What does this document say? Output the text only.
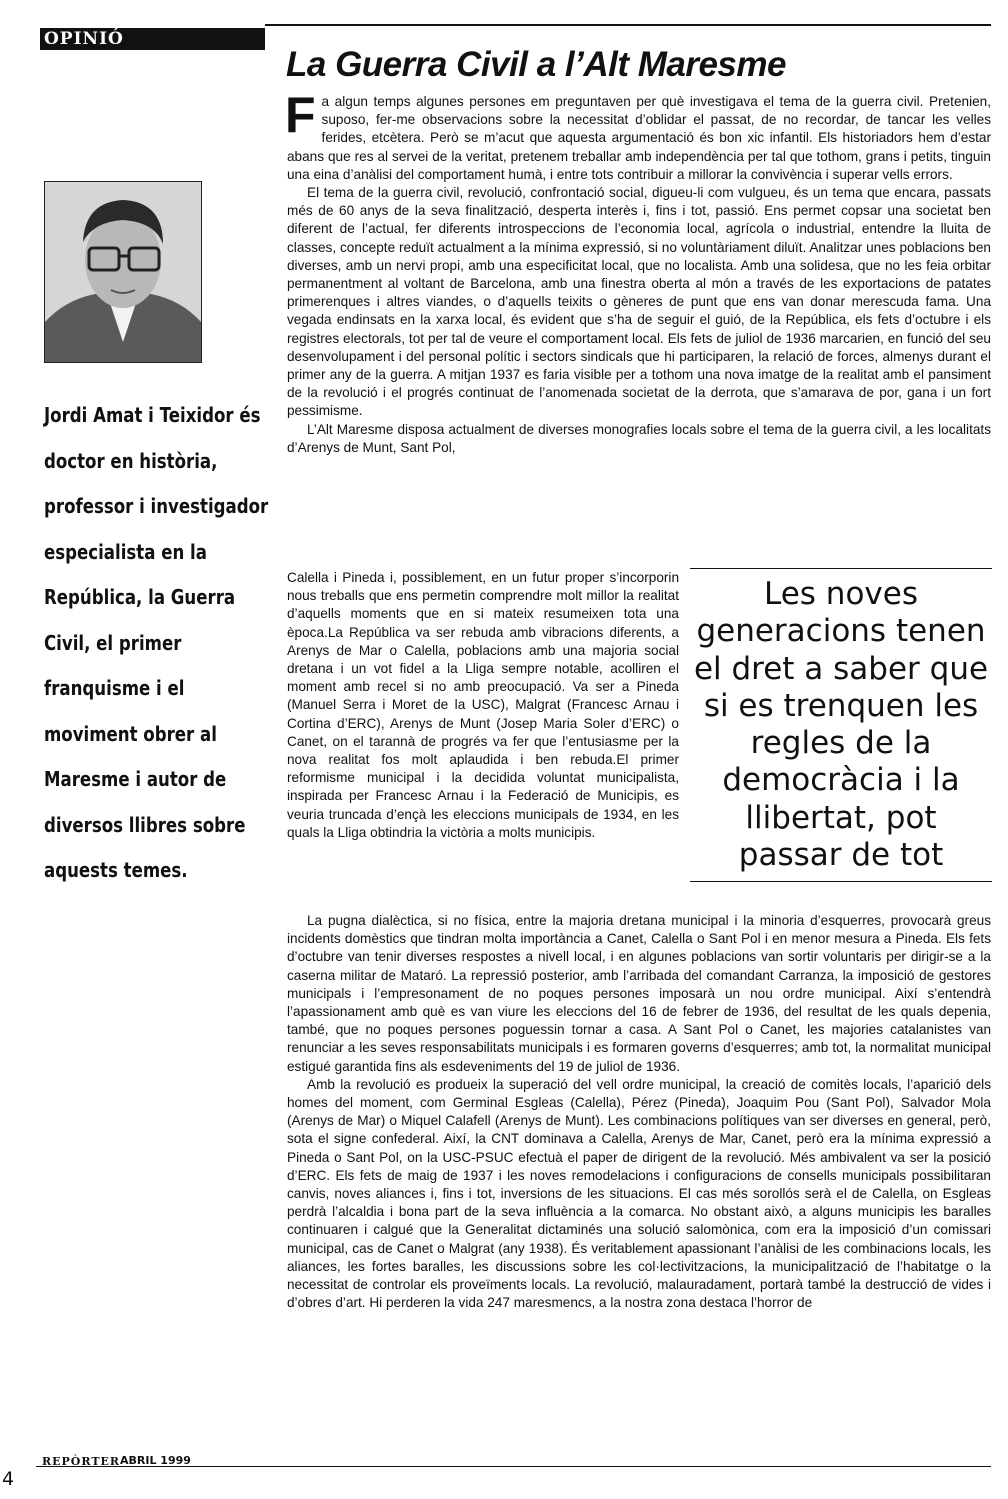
OPINIÓ
La Guerra Civil a l’Alt Maresme
Jordi Amat i Teixidor és doctor en història, professor i investigador especialista en la República, la Guerra Civil, el primer franquisme i el moviment obrer al Maresme i autor de diversos llibres sobre aquests temes.

Fa algun temps algunes persones em preguntaven per què investigava el tema de la guerra civil. Pretenien, suposo, fer-me observacions sobre la necessitat d’oblidar el passat, de no recordar, de tancar les velles ferides, etcètera. Però se m’acut que aquesta argumentació és bon xic infantil. Els historiadors hem d’estar abans que res al servei de la veritat, pretenem treballar amb independència per tal que tothom, grans i petits, tinguin una eina d’anàlisi del comportament humà, i entre tots contribuir a millorar la convivència i superar vells errors.

El tema de la guerra civil, revolució, confrontació social, digueu-li com vulgueu, és un tema que encara, passats més de 60 anys de la seva finalització, desperta interès i, fins i tot, passió. Ens permet copsar una societat ben diferent de l’actual, fer diferents introspeccions de l’economia local, agrícola o industrial, entendre la lluita de classes, concepte reduït actualment a la mínima expressió, si no voluntàriament diluït. Analitzar unes poblacions ben diverses, amb un nervi propi, amb una especificitat local, que no localista. Amb una solidesa, que no les feia orbitar permanentment al voltant de Barcelona, amb una finestra oberta al món a través de les exportacions de patates primerenques i altres viandes, o d’aquells teixits o gèneres de punt que ens van donar merescuda fama. Una vegada endinsats en la xarxa local, és evident que s’ha de seguir el guió, de la República, els fets d’octubre i els registres electorals, tot per tal de veure el comportament local. Els fets de juliol de 1936 marcarien, en funció del seu desenvolupament i del personal polític i sectors sindicals que hi participaren, la relació de forces, almenys durant el primer any de la guerra. A mitjan 1937 es faria visible per a tothom una nova imatge de la realitat amb el pansiment de la revolució i el progrés continuat de l’anomenada societat de la derrota, que s’amarava de por, gana i un fort pessimisme.

L’Alt Maresme disposa actualment de diverses monografies locals sobre el tema de la guerra civil, a les localitats d’Arenys de Munt, Sant Pol,

Calella i Pineda i, possiblement, en un futur proper s’incorporin nous treballs que ens permetin comprendre molt millor la realitat d’aquells moments que en si mateix resumeixen tota una època.La República va ser rebuda amb vibracions diferents, a Arenys de Mar o Calella, poblacions amb una majoria social dretana i un vot fidel a la Lliga sempre notable, acolliren el moment amb recel si no amb preocupació. Va ser a Pineda (Manuel Serra i Moret de la USC), Malgrat (Francesc Arnau i Cortina d’ERC), Arenys de Munt (Josep Maria Soler d’ERC) o Canet, on el tarannà de progrés va fer que l’entusiasme per la nova realitat fos molt aplaudida i ben rebuda.El primer reformisme municipal i la decidida voluntat municipalista, inspirada per Francesc Arnau i la Federació de Municipis, es veuria truncada d’ençà les eleccions municipals de 1934, en les quals la Lliga obtindria la victòria a molts municipis.

Les noves generacions tenen el dret a saber que si es trenquen les regles de la democràcia i la llibertat, pot passar de tot

La pugna dialèctica, si no física, entre la majoria dretana municipal i la minoria d’esquerres, provocarà greus incidents domèstics que tindran molta importància a Canet, Calella o Sant Pol i en menor mesura a Pineda. Els fets d’octubre van tenir diverses respostes a nivell local, i en algunes poblacions van sortir voluntaris per dirigir-se a la caserna militar de Mataró. La repressió posterior, amb l’arribada del comandant Carranza, la imposició de gestores municipals i l’empresonament de no poques persones imposarà un nou ordre municipal. Així s’entendrà l’apassionament amb què es van viure les eleccions del 16 de febrer de 1936, del resultat de les quals depenia, també, que no poques persones poguessin tornar a casa. A Sant Pol o Canet, les majories catalanistes van renunciar a les seves responsabilitats municipals i es formaren governs d’esquerres; amb tot, la normalitat municipal estigué garantida fins als esdeveniments del 19 de juliol de 1936.

Amb la revolució es produeix la superació del vell ordre municipal, la creació de comitès locals, l’aparició dels homes del moment, com Germinal Esgleas (Calella), Pérez (Pineda), Joaquim Pou (Sant Pol), Salvador Mola (Arenys de Mar) o Miquel Calafell (Arenys de Munt). Les combinacions polítiques van ser diverses en general, però, sota el signe confederal. Així, la CNT dominava a Calella, Arenys de Mar, Canet, però era la mínima expressió a Pineda o Sant Pol, on la USC-PSUC efectuà el paper de dirigent de la revolució. Més ambivalent va ser la posició d’ERC. Els fets de maig de 1937 i les noves remodelacions i configuracions de consells municipals possibilitaran canvis, noves aliances i, fins i tot, inversions de les situacions. El cas més sorollós serà el de Calella, on Esgleas perdrà l’alcaldia i bona part de la seva influència a la comarca. No obstant això, a alguns municipis les baralles continuaren i calgué que la Generalitat dictaminés una solució salomònica, com era la imposició d’un comissari municipal, cas de Canet o Malgrat (any 1938). És veritablement apassionant l’anàlisi de les combinacions locals, les aliances, les fortes baralles, les discussions sobre les col·lectivitzacions, la municipalització de l’habitatge o la necessitat de controlar els proveïments locals. La revolució, malauradament, portarà també la destrucció de vides i d’obres d’art. Hi perderen la vida 247 maresmencs, a la nostra zona destaca l’horror de

REPÒRTER ABRIL 1999
4
